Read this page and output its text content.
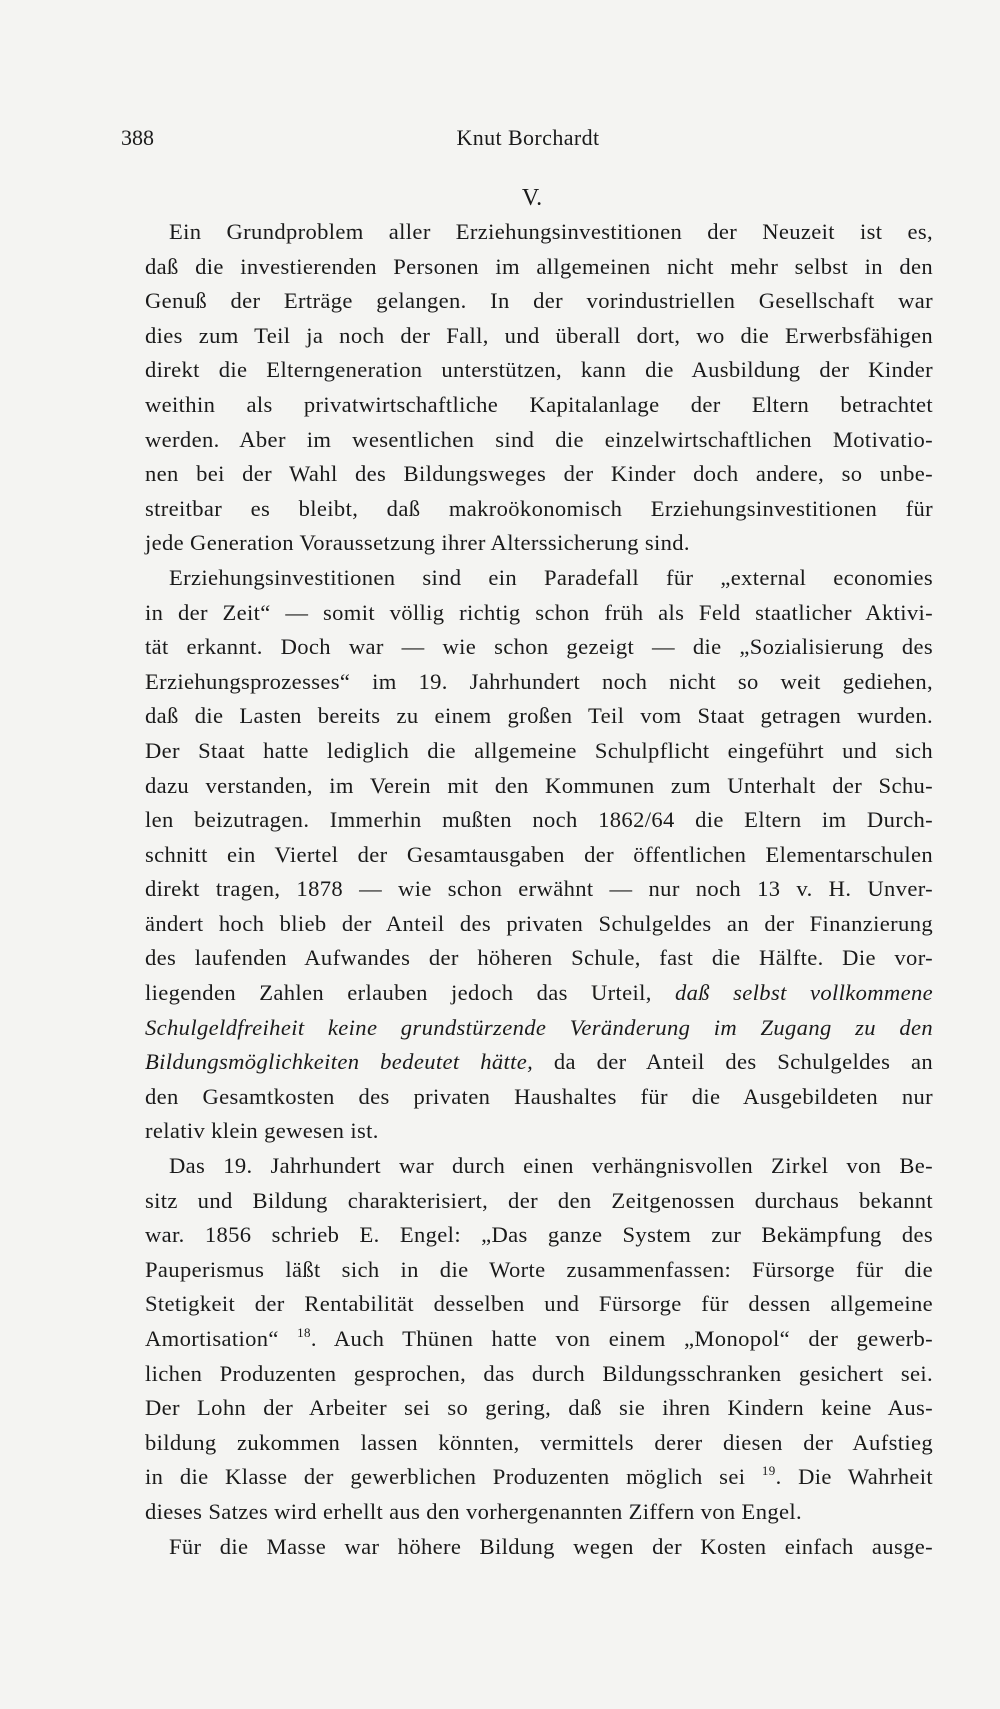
388	Knut Borchardt
V.
Ein Grundproblem aller Erziehungsinvestitionen der Neuzeit ist es,
daß die investierenden Personen im allgemeinen nicht mehr selbst in den
Genuß der Erträge gelangen. In der vorindustriellen Gesellschaft war
dies zum Teil ja noch der Fall, und überall dort, wo die Erwerbsfähigen
direkt die Elterngeneration unterstützen, kann die Ausbildung der Kinder
weithin als privatwirtschaftliche Kapitalanlage der Eltern betrachtet
werden. Aber im wesentlichen sind die einzelwirtschaftlichen Motivatio-
nen bei der Wahl des Bildungsweges der Kinder doch andere, so unbe-
streitbar es bleibt, daß makroökonomisch Erziehungsinvestitionen für
jede Generation Voraussetzung ihrer Alterssicherung sind.
Erziehungsinvestitionen sind ein Paradefall für „external economies
in der Zeit“ — somit völlig richtig schon früh als Feld staatlicher Aktivi-
tät erkannt. Doch war — wie schon gezeigt — die „Sozialisierung des
Erziehungsprozesses“ im 19. Jahrhundert noch nicht so weit gediehen,
daß die Lasten bereits zu einem großen Teil vom Staat getragen wurden.
Der Staat hatte lediglich die allgemeine Schulpflicht eingeführt und sich
dazu verstanden, im Verein mit den Kommunen zum Unterhalt der Schu-
len beizutragen. Immerhin mußten noch 1862/64 die Eltern im Durch-
schnitt ein Viertel der Gesamtausgaben der öffentlichen Elementarschulen
direkt tragen, 1878 — wie schon erwähnt — nur noch 13 v. H. Unver-
ändert hoch blieb der Anteil des privaten Schulgeldes an der Finanzierung
des laufenden Aufwandes der höheren Schule, fast die Hälfte. Die vor-
liegenden Zahlen erlauben jedoch das Urteil, daß selbst vollkommene
Schulgeldfreiheit keine grundstürzende Veränderung im Zugang zu den
Bildungsmöglichkeiten bedeutet hätte, da der Anteil des Schulgeldes an
den Gesamtkosten des privaten Haushaltes für die Ausgebildeten nur
relativ klein gewesen ist.
Das 19. Jahrhundert war durch einen verhängnisvollen Zirkel von Be-
sitz und Bildung charakterisiert, der den Zeitgenossen durchaus bekannt
war. 1856 schrieb E. Engel: „Das ganze System zur Bekämpfung des
Pauperismus läßt sich in die Worte zusammenfassen: Fürsorge für die
Stetigkeit der Rentabilität desselben und Fürsorge für dessen allgemeine
Amortisation“ $^{18}$. Auch Thünen hatte von einem „Monopol“ der gewerb-
lichen Produzenten gesprochen, das durch Bildungsschranken gesichert sei.
Der Lohn der Arbeiter sei so gering, daß sie ihren Kindern keine Aus-
bildung zukommen lassen könnten, vermittels derer diesen der Aufstieg
in die Klasse der gewerblichen Produzenten möglich sei $^{19}$. Die Wahrheit
dieses Satzes wird erhellt aus den vorhergenannten Ziffern von Engel.
Für die Masse war höhere Bildung wegen der Kosten einfach ausge-
